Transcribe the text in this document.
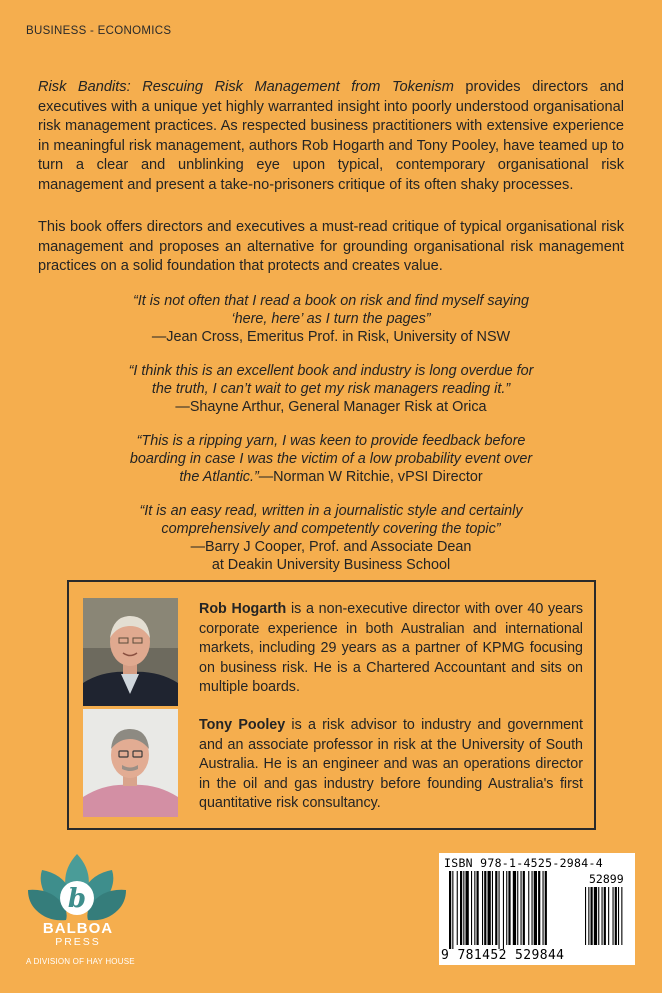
BUSINESS - ECONOMICS

Risk Bandits: Rescuing Risk Management from Tokenism provides directors and executives with a unique yet highly warranted insight into poorly understood organisational risk management practices. As respected business practitioners with extensive experience in meaningful risk management, authors Rob Hogarth and Tony Pooley, have teamed up to turn a clear and unblinking eye upon typical, contemporary organisational risk management and present a take-no-prisoners critique of its often shaky processes.

This book offers directors and executives a must-read critique of typical organisational risk management and proposes an alternative for grounding organisational risk management practices on a solid foundation that protects and creates value.

“It is not often that I read a book on risk and find myself saying
‘here, here’ as I turn the pages”
—Jean Cross, Emeritus Prof. in Risk, University of NSW
“I think this is an excellent book and industry is long overdue for
the truth, I can’t wait to get my risk managers reading it.”
—Shayne Arthur, General Manager Risk at Orica
“This is a ripping yarn, I was keen to provide feedback before
boarding in case I was the victim of a low probability event over
the Atlantic.”—Norman W Ritchie, vPSI Director
“It is an easy read, written in a journalistic style and certainly
comprehensively and competently covering the topic”
—Barry J Cooper, Prof. and Associate Dean
at Deakin University Business School
Rob Hogarth is a non-executive director with over 40 years corporate experience in both Australian and international markets, including 29 years as a partner of KPMG focusing on business risk. He is a Chartered Accountant and sits on multiple boards.
Tony Pooley is a risk advisor to industry and government and an associate professor in risk at the University of South Australia. He is an engineer and was an operations director in the oil and gas industry before founding Australia's first quantitative risk consultancy.
b
BALBOA
PRESS
A DIVISION OF HAY HOUSE
ISBN 978-1-4525-2984-4
52899
9 781452 529844
